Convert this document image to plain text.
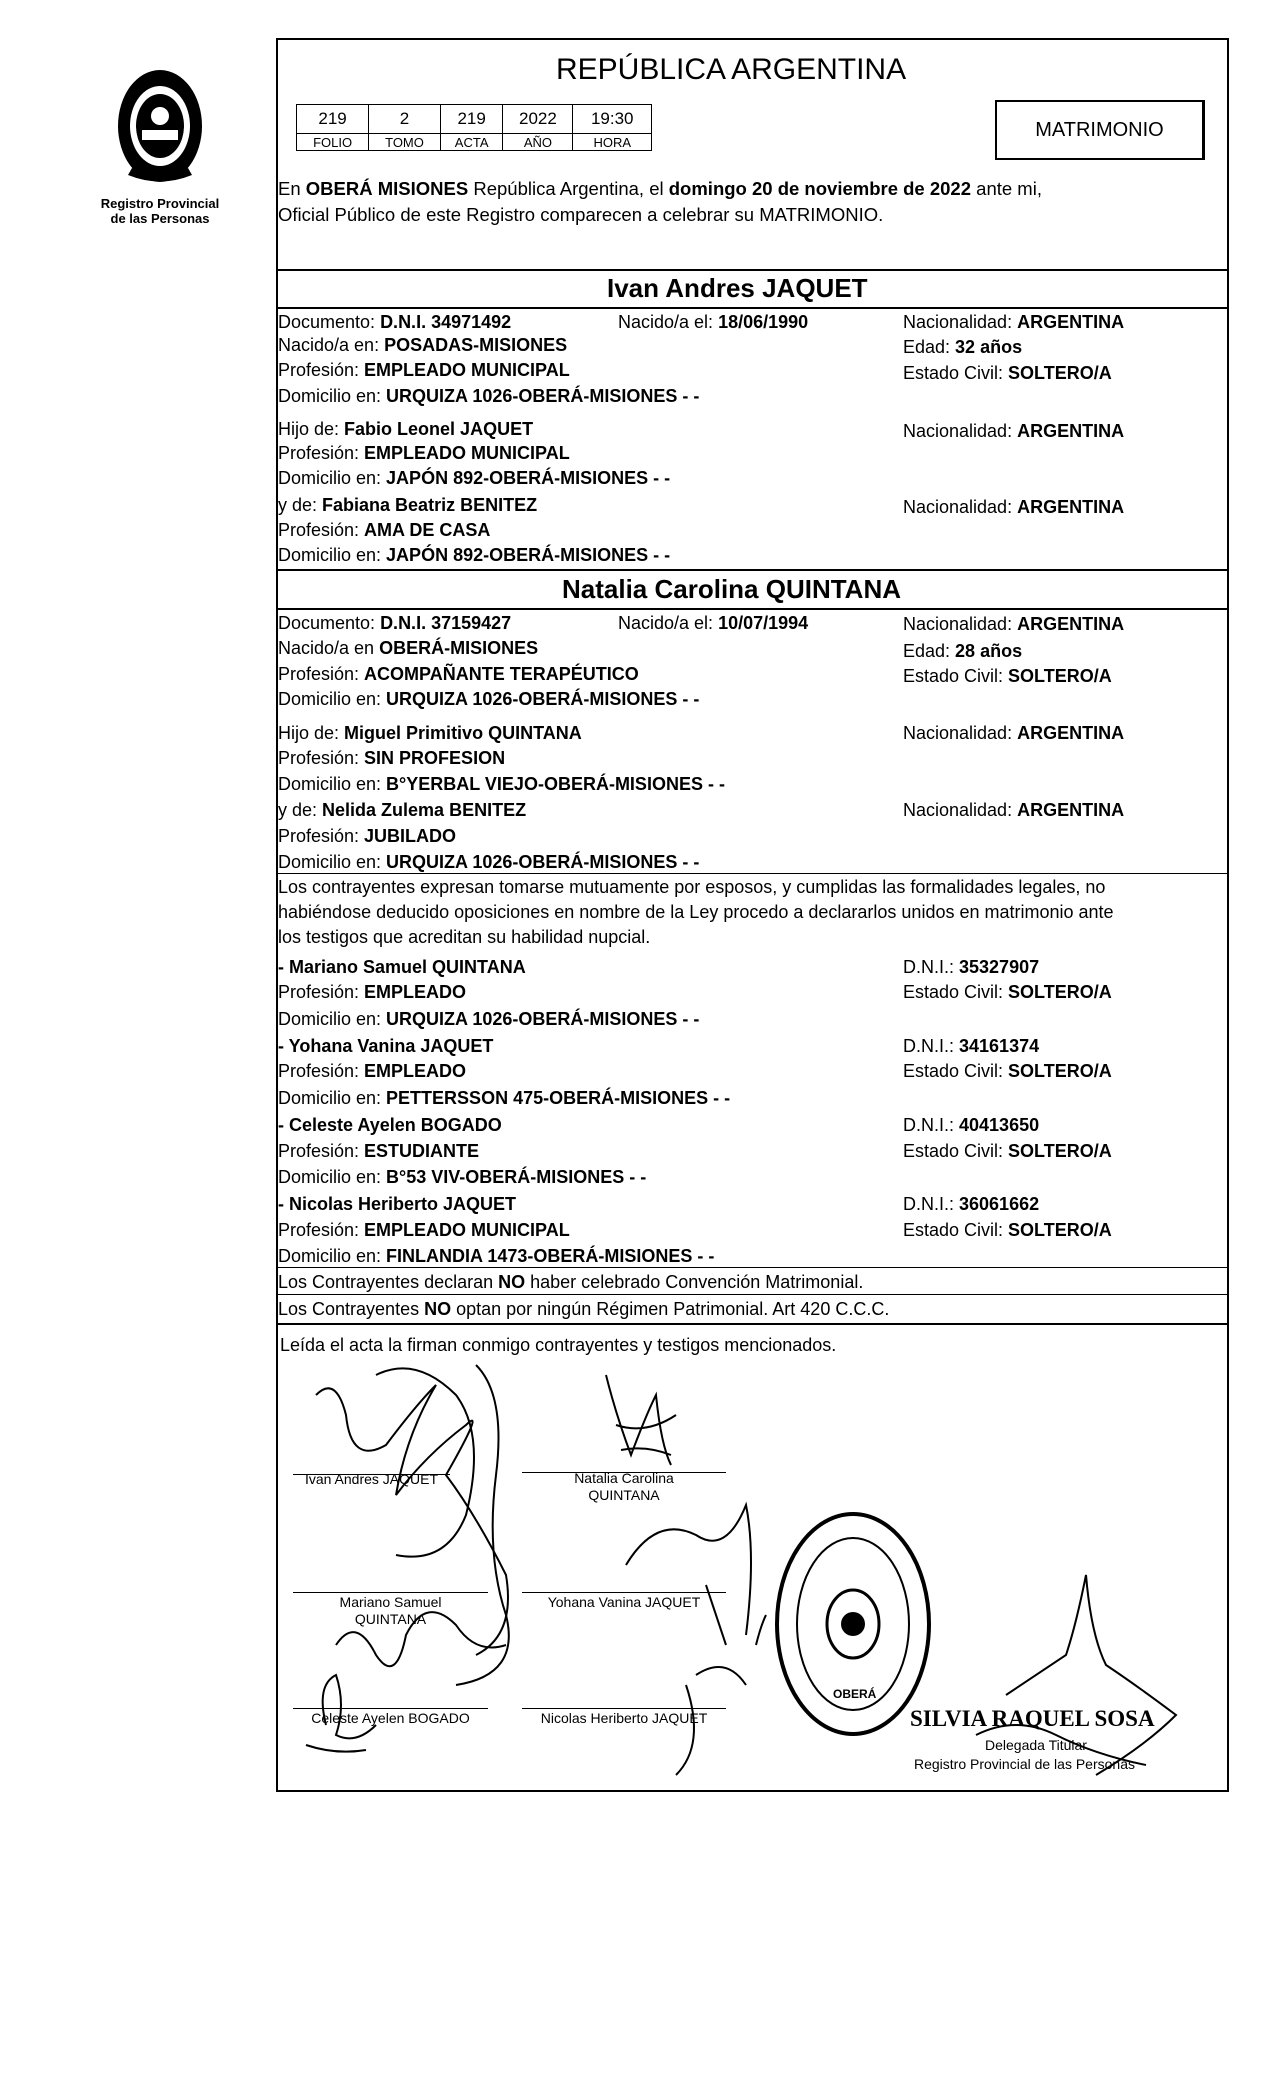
Registro Provincial
de las Personas
REPÚBLICA ARGENTINA
219	2	219	2022	19:30
FOLIO	TOMO	ACTA	AÑO	HORA
MATRIMONIO
En OBERÁ MISIONES República Argentina, el domingo 20 de noviembre de 2022 ante mi,
Oficial Público de este Registro comparecen a celebrar su MATRIMONIO.
Ivan Andres JAQUET
Documento: D.N.I. 34971492	Nacido/a el: 18/06/1990	Nacionalidad: ARGENTINA
Nacido/a en: POSADAS-MISIONES	Edad: 32 años
Profesión: EMPLEADO MUNICIPAL	Estado Civil: SOLTERO/A
Domicilio en: URQUIZA 1026-OBERÁ-MISIONES - -
Hijo de: Fabio Leonel JAQUET	Nacionalidad: ARGENTINA
Profesión: EMPLEADO MUNICIPAL
Domicilio en: JAPÓN 892-OBERÁ-MISIONES - -
y de: Fabiana Beatriz BENITEZ	Nacionalidad: ARGENTINA
Profesión: AMA DE CASA
Domicilio en: JAPÓN 892-OBERÁ-MISIONES - -
Natalia Carolina QUINTANA
Documento: D.N.I. 37159427	Nacido/a el: 10/07/1994	Nacionalidad: ARGENTINA
Nacido/a en OBERÁ-MISIONES	Edad: 28 años
Profesión: ACOMPAÑANTE TERAPÉUTICO	Estado Civil: SOLTERO/A
Domicilio en: URQUIZA 1026-OBERÁ-MISIONES - -
Hijo de: Miguel Primitivo QUINTANA	Nacionalidad: ARGENTINA
Profesión: SIN PROFESION
Domicilio en: B°YERBAL VIEJO-OBERÁ-MISIONES - -
y de: Nelida Zulema BENITEZ	Nacionalidad: ARGENTINA
Profesión: JUBILADO
Domicilio en: URQUIZA 1026-OBERÁ-MISIONES - -
Los contrayentes expresan tomarse mutuamente por esposos, y cumplidas las formalidades legales, no
habiéndose deducido oposiciones en nombre de la Ley procedo a declararlos unidos en matrimonio ante
los testigos que acreditan su habilidad nupcial.
- Mariano Samuel QUINTANA	D.N.I.: 35327907
Profesión: EMPLEADO	Estado Civil: SOLTERO/A
Domicilio en: URQUIZA 1026-OBERÁ-MISIONES - -
- Yohana Vanina JAQUET	D.N.I.: 34161374
Profesión: EMPLEADO	Estado Civil: SOLTERO/A
Domicilio en: PETTERSSON 475-OBERÁ-MISIONES - -
- Celeste Ayelen BOGADO	D.N.I.: 40413650
Profesión: ESTUDIANTE	Estado Civil: SOLTERO/A
Domicilio en: B°53 VIV-OBERÁ-MISIONES - -
- Nicolas Heriberto JAQUET	D.N.I.: 36061662
Profesión: EMPLEADO MUNICIPAL	Estado Civil: SOLTERO/A
Domicilio en: FINLANDIA 1473-OBERÁ-MISIONES - -
Los Contrayentes declaran NO haber celebrado Convención Matrimonial.
Los Contrayentes NO optan por ningún Régimen Patrimonial. Art 420 C.C.C.
Leída el acta la firman conmigo contrayentes y testigos mencionados.
Ivan Andres JAQUET	Natalia Carolina
QUINTANA
Mariano Samuel
QUINTANA
Yohana Vanina JAQUET
Celeste Ayelen BOGADO	Nicolas Heriberto JAQUET
OBERÁ
SILVIA RAQUEL SOSA
Delegada Titular
Registro Provincial de las Personas
